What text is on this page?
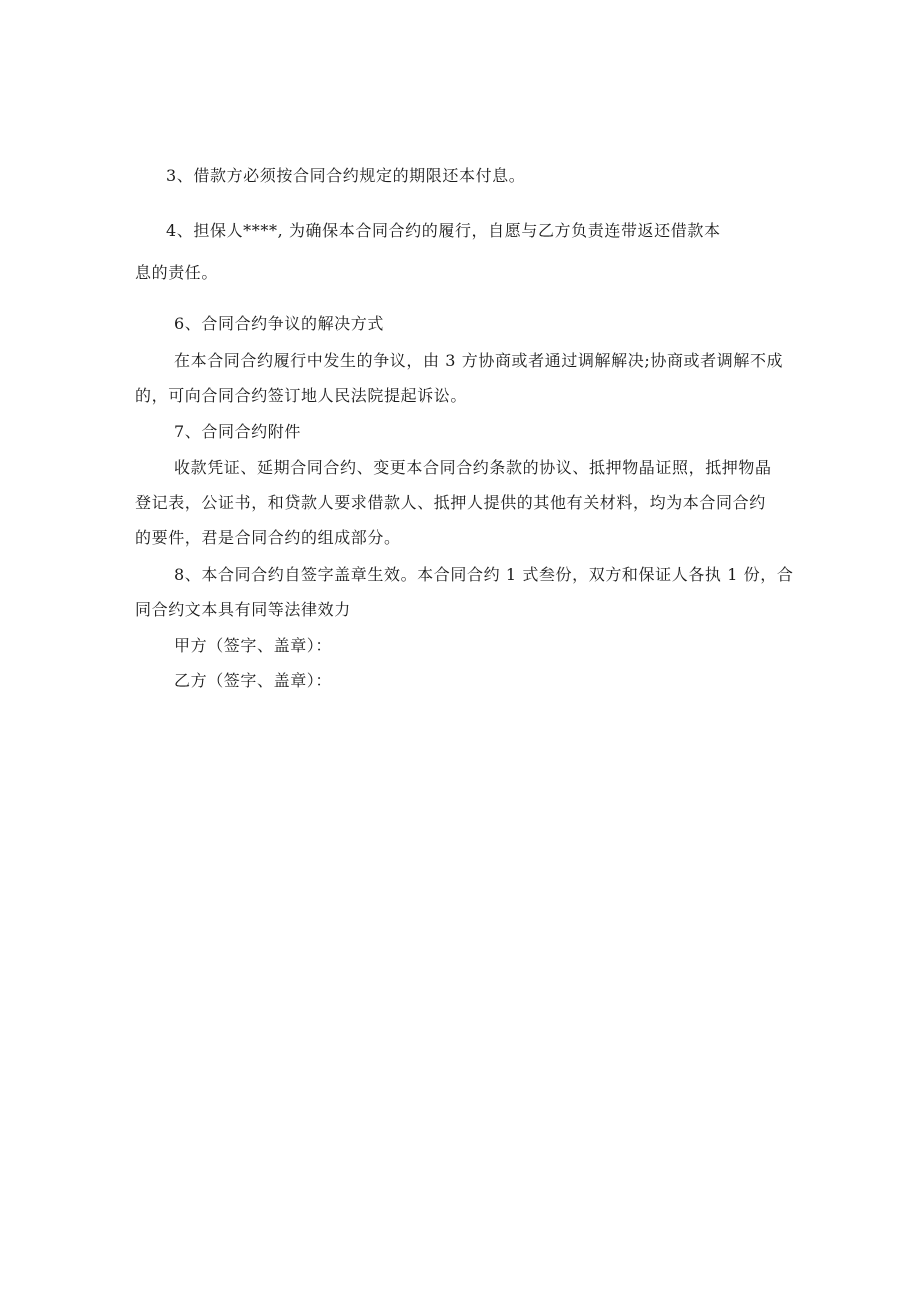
3、借款方必须按合同合约规定的期限还本付息。
4、担保人****, 为确保本合同合约的履行，自愿与乙方负责连带返还借款本
息的责任。
6、合同合约争议的解决方式
在本合同合约履行中发生的争议，由 3 方协商或者通过调解解决;协商或者调解不成
的，可向合同合约签订地人民法院提起诉讼。
7、合同合约附件
收款凭证、延期合同合约、变更本合同合约条款的协议、抵押物晶证照，抵押物晶
登记表，公证书，和贷款人要求借款人、抵押人提供的其他有关材料，均为本合同合约
的要件，君是合同合约的组成部分。
8、本合同合约自签字盖章生效。本合同合约 1 式叁份，双方和保证人各执 1 份，合
同合约文本具有同等法律效力
甲方（签字、盖章）：
乙方（签字、盖章）：
